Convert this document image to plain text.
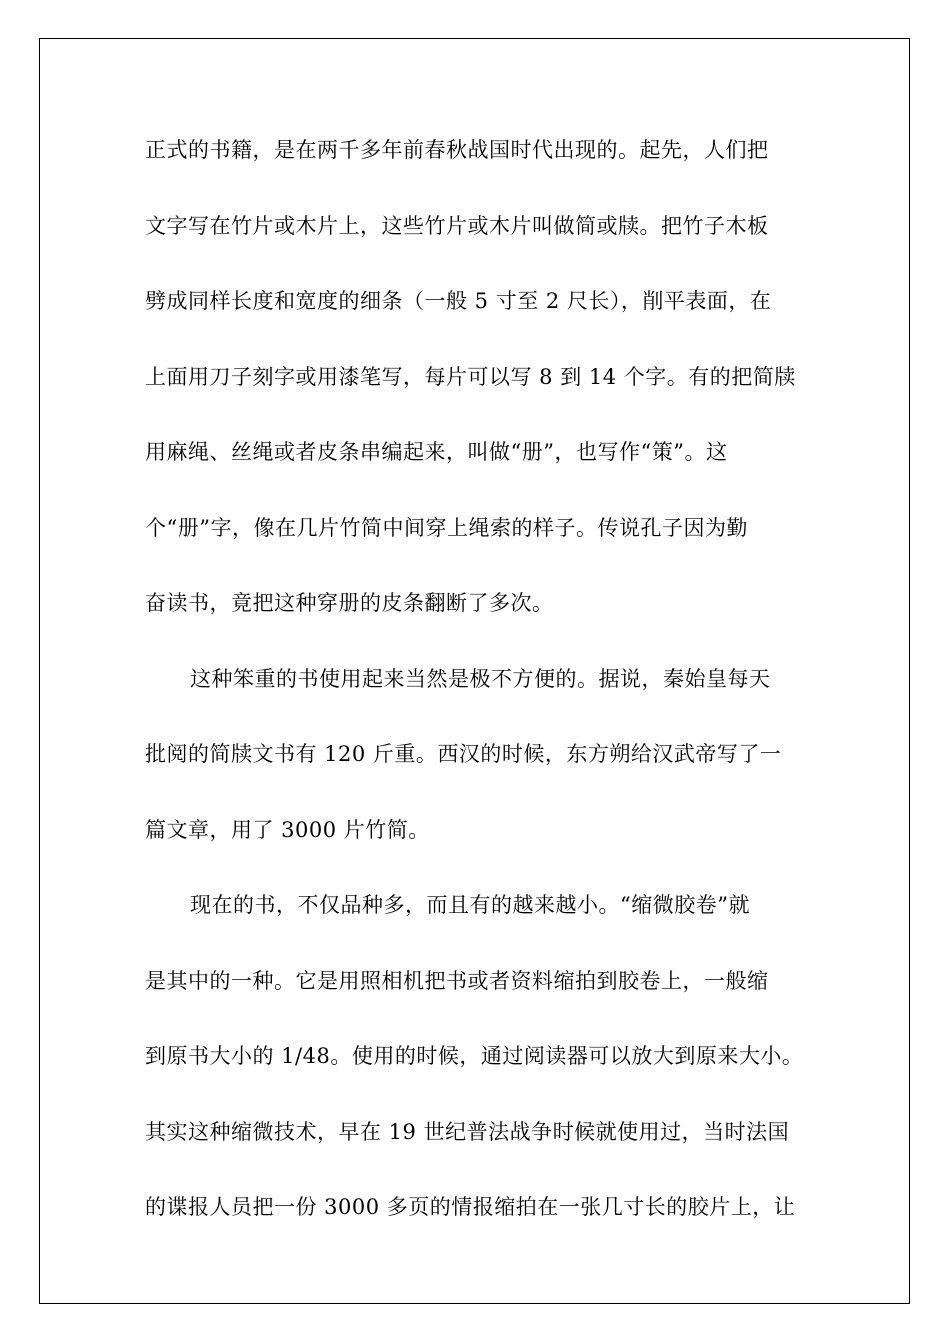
正式的书籍，是在两千多年前春秋战国时代出现的。起先，人们把
文字写在竹片或木片上，这些竹片或木片叫做简或牍。把竹子木板
劈成同样长度和宽度的细条（一般 5 寸至 2 尺长），削平表面，在
上面用刀子刻字或用漆笔写，每片可以写 8 到 14 个字。有的把简牍
用麻绳、丝绳或者皮条串编起来，叫做“册”，也写作“策”。这
个“册”字，像在几片竹简中间穿上绳索的样子。传说孔子因为勤
奋读书，竟把这种穿册的皮条翻断了多次。
这种笨重的书使用起来当然是极不方便的。据说，秦始皇每天
批阅的简牍文书有 120 斤重。西汉的时候，东方朔给汉武帝写了一
篇文章，用了 3000 片竹简。
现在的书，不仅品种多，而且有的越来越小。“缩微胶卷”就
是其中的一种。它是用照相机把书或者资料缩拍到胶卷上，一般缩
到原书大小的 1/48。使用的时候，通过阅读器可以放大到原来大小。
其实这种缩微技术，早在 19 世纪普法战争时候就使用过，当时法国
的谍报人员把一份 3000 多页的情报缩拍在一张几寸长的胶片上，让
